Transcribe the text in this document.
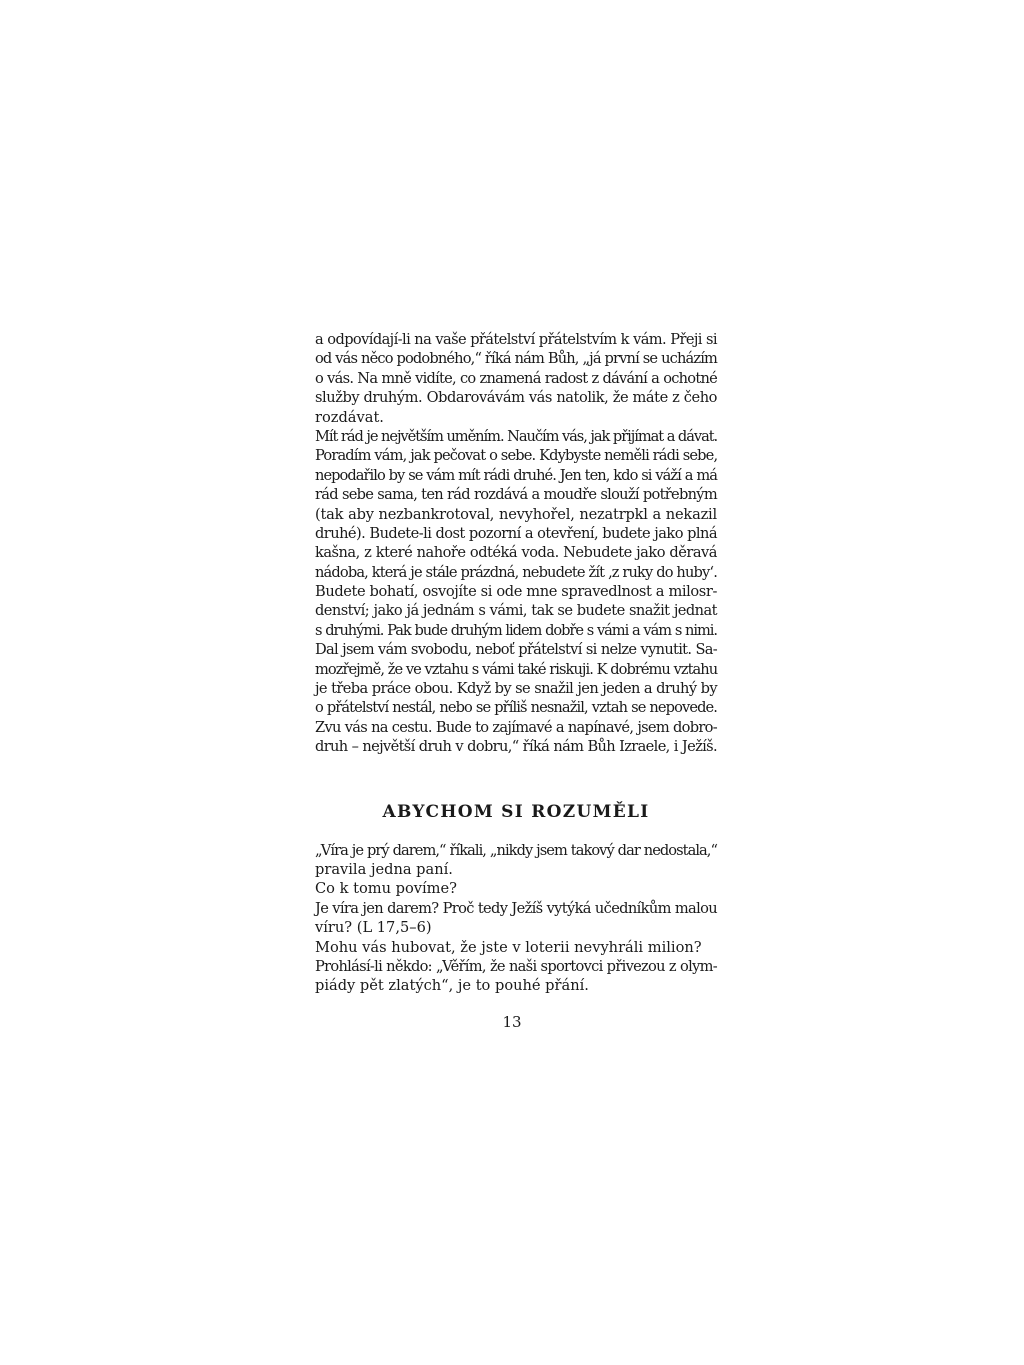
a odpovídají-li na vaše přátelství přátelstvím k vám. Přeji si
od vás něco podobného,“ říká nám Bůh, „já první se ucházím
o vás. Na mně vidíte, co znamená radost z dávání a ochotné
služby druhým. Obdarovávám vás natolik, že máte z čeho
rozdávat.
Mít rád je největším uměním. Naučím vás, jak přijímat a dávat.
Poradím vám, jak pečovat o sebe. Kdybyste neměli rádi sebe,
nepodařilo by se vám mít rádi druhé. Jen ten, kdo si váží a má
rád sebe sama, ten rád rozdává a moudře slouží potřebným
(tak aby nezbankrotoval, nevyhořel, nezatrpkl a nekazil
druhé). Budete-li dost pozorní a otevření, budete jako plná
kašna, z které nahoře odtéká voda. Nebudete jako děravá
nádoba, která je stále prázdná, nebudete žít ‚z ruky do huby‘.
Budete bohatí, osvojíte si ode mne spravedlnost a milosr-
denství; jako já jednám s vámi, tak se budete snažit jednat
s druhými. Pak bude druhým lidem dobře s vámi a vám s nimi.
Dal jsem vám svobodu, neboť přátelství si nelze vynutit. Sa-
mozřejmě, že ve vztahu s vámi také riskuji. K dobrému vztahu
je třeba práce obou. Když by se snažil jen jeden a druhý by
o přátelství nestál, nebo se příliš nesnažil, vztah se nepovede.
Zvu vás na cestu. Bude to zajímavé a napínavé, jsem dobro-
druh – největší druh v dobru,“ říká nám Bůh Izraele, i Ježíš.
ABYCHOM SI ROZUMĚLI
„Víra je prý darem,“ říkali, „nikdy jsem takový dar nedostala,“
pravila jedna paní.
Co k tomu povíme?
Je víra jen darem? Proč tedy Ježíš vytýká učedníkům malou
víru? (L 17,5–6)
Mohu vás hubovat, že jste v loterii nevyhráli milion?
Prohlásí-li někdo: „Věřím, že naši sportovci přivezou z olym-
piády pět zlatých“, je to pouhé přání.
13
